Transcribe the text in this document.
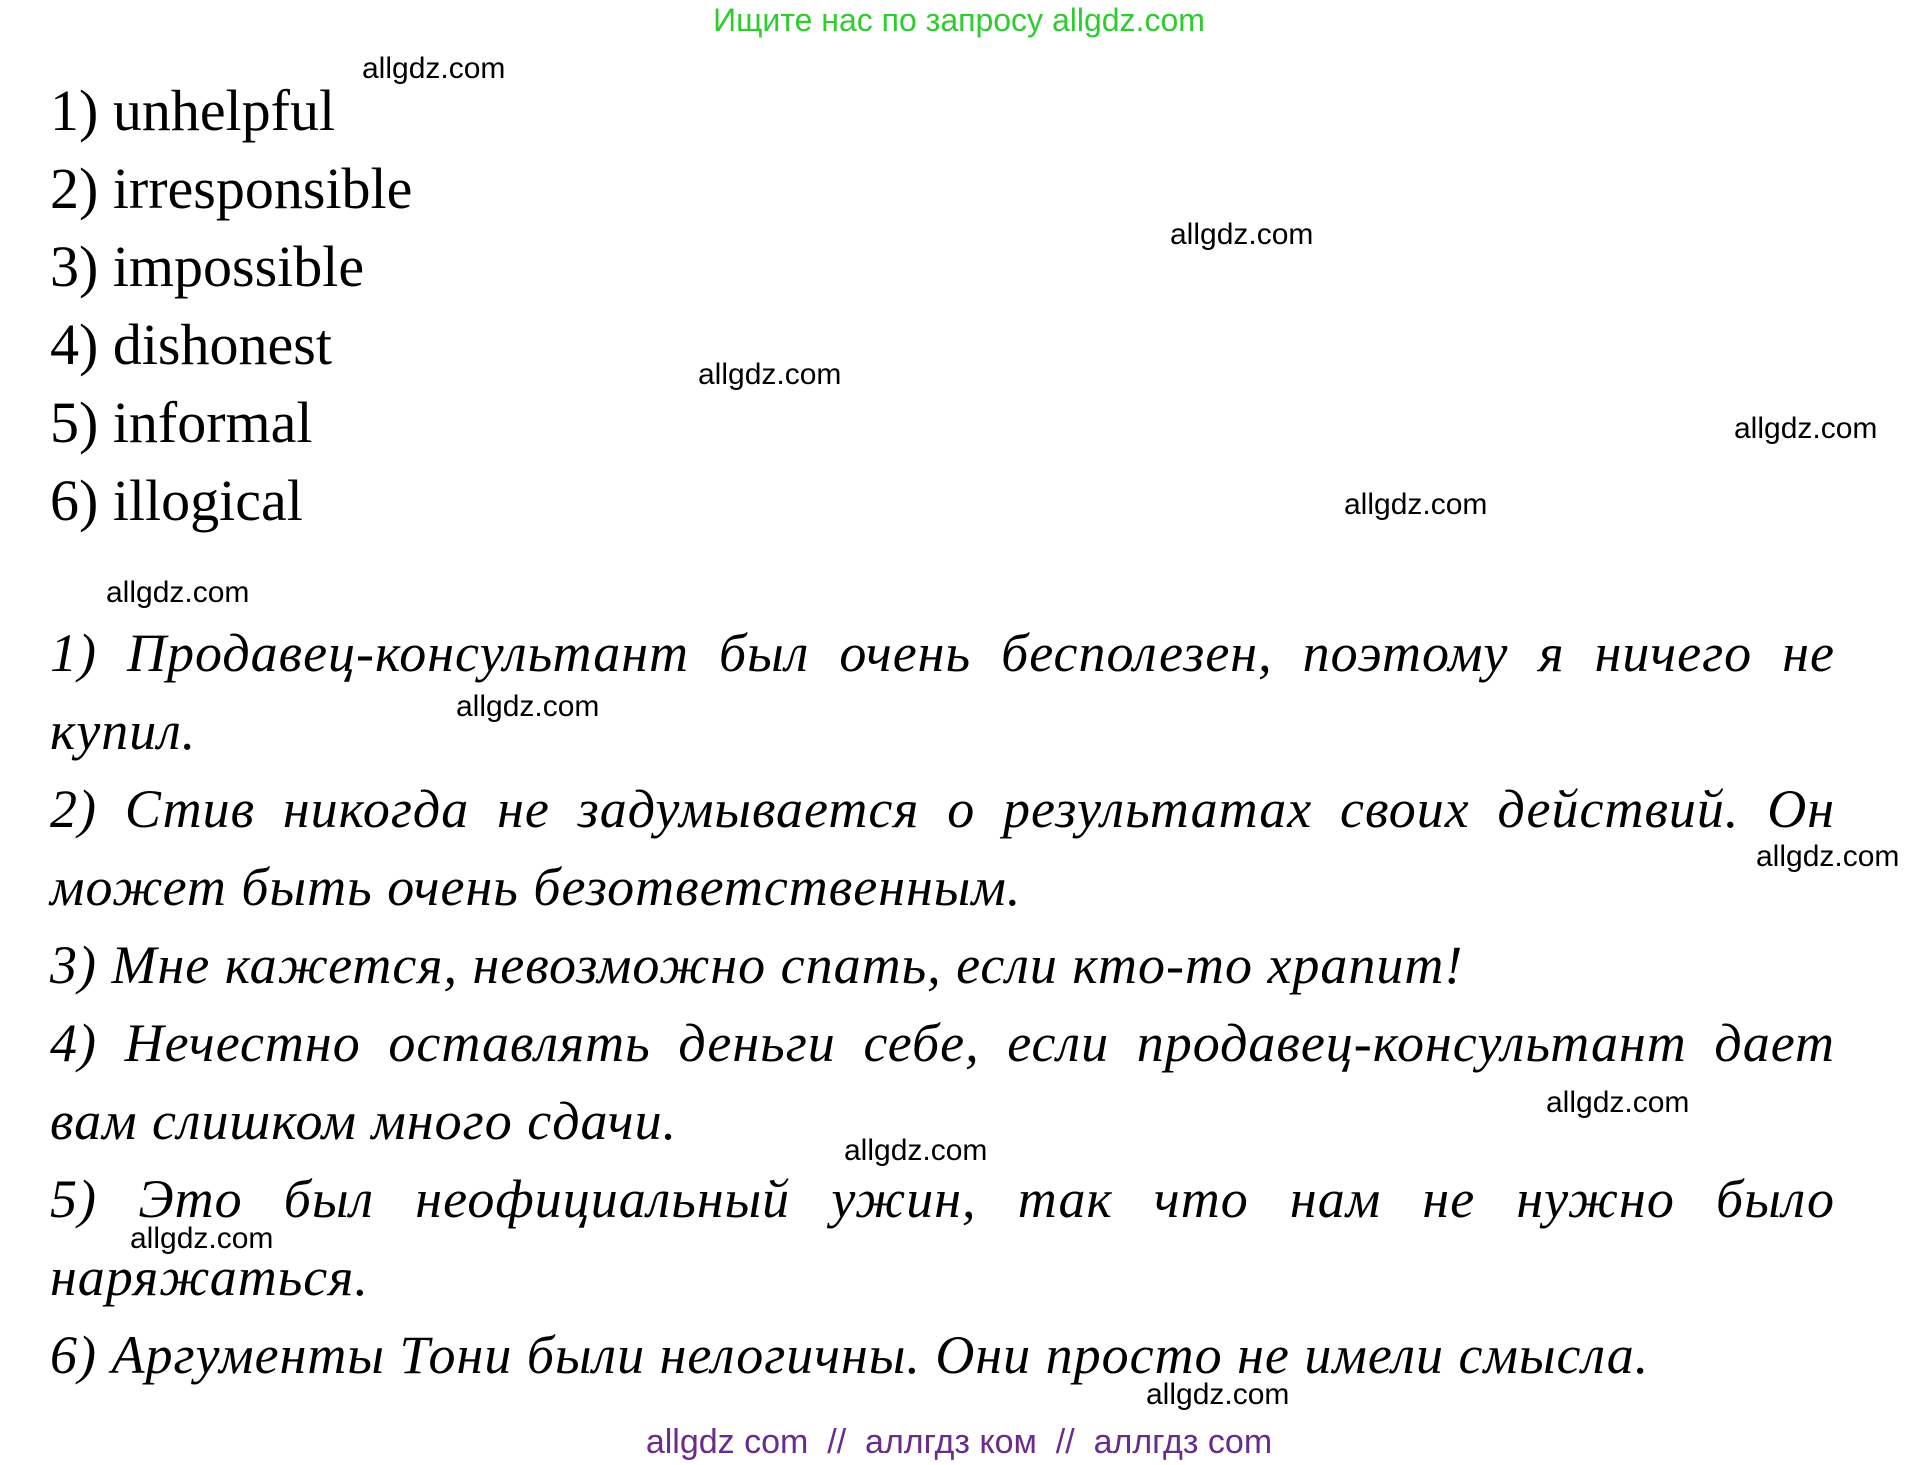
Ищите нас по запросу allgdz.com
1) unhelpful
2) irresponsible
3) impossible
4) dishonest
5) informal
6) illogical
1) Продавец-консультант был очень бесполезен, поэтому я ничего не купил.
2) Стив никогда не задумывается о результатах своих действий. Он может быть очень безответственным.
3) Мне кажется, невозможно спать, если кто-то храпит!
4) Нечестно оставлять деньги себе, если продавец-консультант дает вам слишком много сдачи.
5) Это был неофициальный ужин, так что нам не нужно было наряжаться.
6) Аргументы Тони были нелогичны. Они просто не имели смысла.
allgdz.com
allgdz.com
allgdz.com
allgdz.com
allgdz.com
allgdz.com
allgdz.com
allgdz.com
allgdz.com
allgdz.com
allgdz.com
allgdz.com
allgdz com  //  аллгдз ком  //  аллгдз com
